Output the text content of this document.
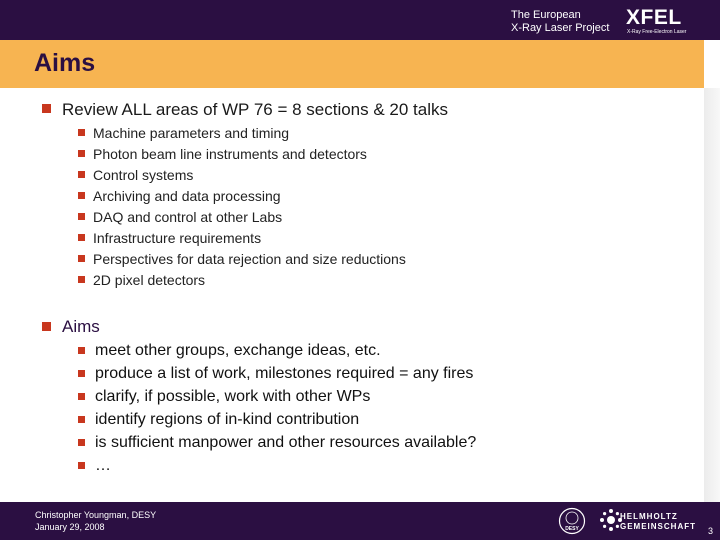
The European
X-Ray Laser Project XFEL
X-Ray Free-Electron Laser
Aims
Review ALL areas of WP 76 = 8 sections & 20 talks
Machine parameters and timing
Photon beam line instruments and detectors
Control systems
Archiving and data processing
DAQ and control at other Labs
Infrastructure requirements
Perspectives for data rejection and size reductions
2D pixel detectors
Aims
meet other groups, exchange ideas, etc.
produce a list of work, milestones required = any fires
clarify, if possible, work with other WPs
identify regions of in-kind contribution
is sufficient manpower and other resources available?
…
Christopher Youngman, DESY
January 29, 2008	DESY
HELMHOLTZ
GEMEINSCHAFT 3
